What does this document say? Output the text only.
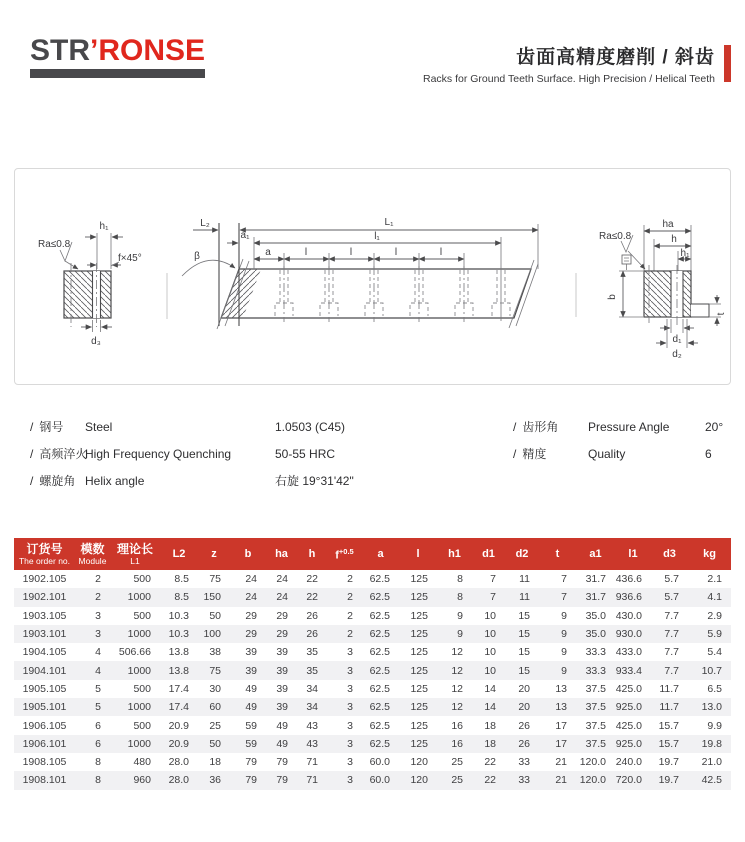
STR’RONSE	齿面高精度磨削 / 斜齿
Racks for Ground Teeth Surface. High Precision / Helical Teeth
h₁
f×45°
Ra≤0.8
d₃
L₂	L₁
l₁
a₁
a	l	l	l	l
β
ha
h
h₁
t
b
Ra≤0.8
d₁
d₂
/ 钢号	Steel	1.0503 (C45)
/ 高频淬火
High Frequency Quenching	50-55 HRC
/ 螺旋角 Helix angle	右旋 19°31'42"
/ 齿形角	Pressure Angle	20°
/ 精度	Quality	6
订货号
The order no.

模数
Module

理论长
L1
	L2	z	b	ha	h	$f^{+0.5}$	a	l	h1	d1	d2	t	a1	l1	d3	kg
1902.105	2	500	8.5	75	24	24	22	2	62.5	125	8	7	11	7	31.7	436.6	5.7	2.1
1902.101	2	1000	8.5	150	24	24	22	2	62.5	125	8	7	11	7	31.7	936.6	5.7	4.1
1903.105	3	500	10.3	50	29	29	26	2	62.5	125	9	10	15	9	35.0	430.0	7.7	2.9
1903.101	3	1000	10.3	100	29	29	26	2	62.5	125	9	10	15	9	35.0	930.0	7.7	5.9
1904.105	4	506.66	13.8	38	39	39	35	3	62.5	125	12	10	15	9	33.3	433.0	7.7	5.4
1904.101	4	1000	13.8	75	39	39	35	3	62.5	125	12	10	15	9	33.3	933.4	7.7	10.7
1905.105	5	500	17.4	30	49	39	34	3	62.5	125	12	14	20	13	37.5	425.0	11.7	6.5
1905.101	5	1000	17.4	60	49	39	34	3	62.5	125	12	14	20	13	37.5	925.0	11.7	13.0
1906.105	6	500	20.9	25	59	49	43	3	62.5	125	16	18	26	17	37.5	425.0	15.7	9.9
1906.101	6	1000	20.9	50	59	49	43	3	62.5	125	16	18	26	17	37.5	925.0	15.7	19.8
1908.105	8	480	28.0	18	79	79	71	3	60.0	120	25	22	33	21	120.0	240.0	19.7	21.0
1908.101	8	960	28.0	36	79	79	71	3	60.0	120	25	22	33	21	120.0	720.0	19.7	42.5
